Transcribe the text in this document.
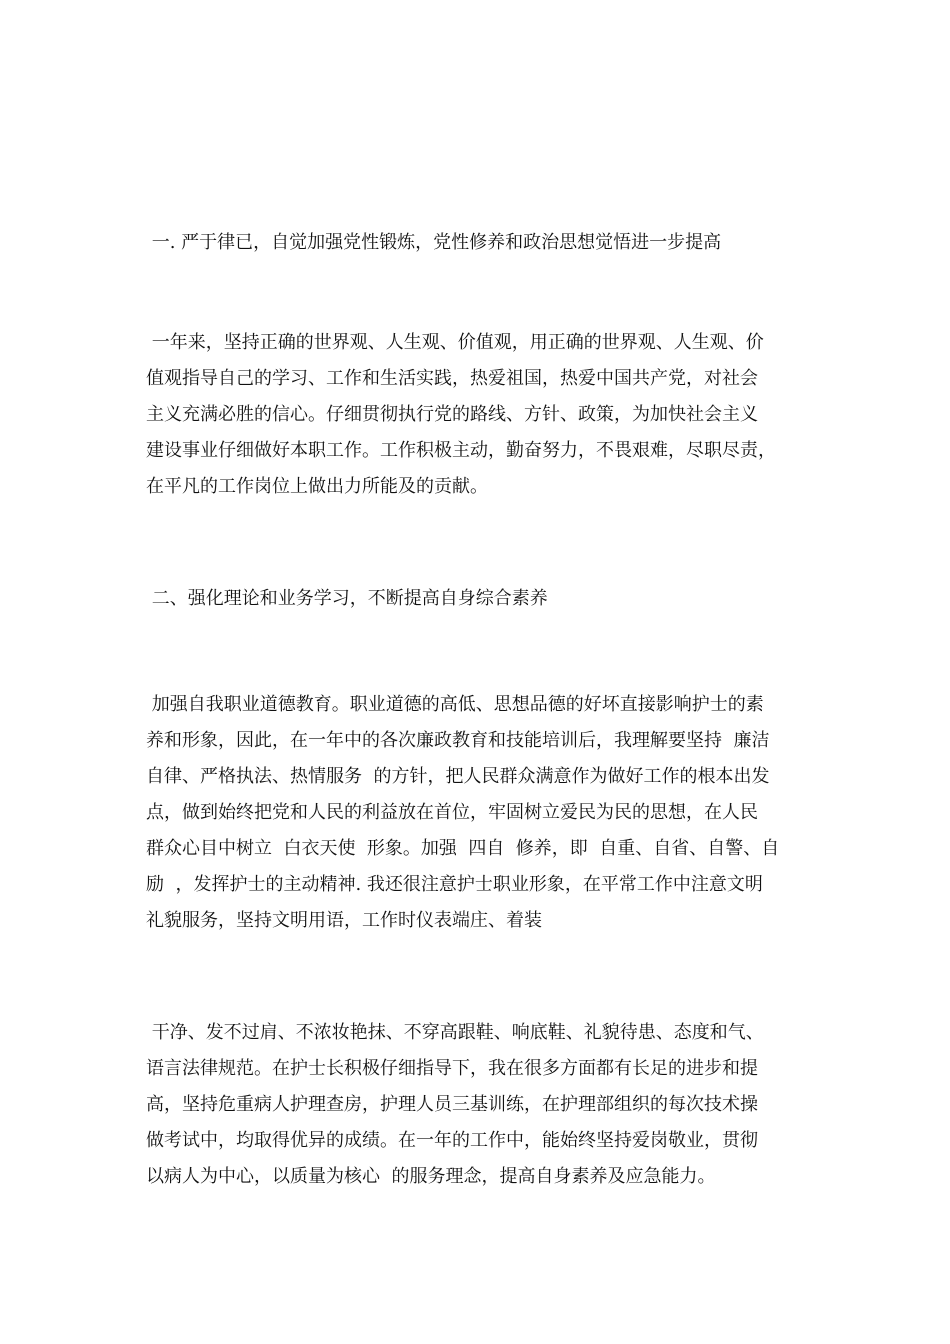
一. 严于律已，自觉加强党性锻炼，党性修养和政治思想觉悟进一步提高
一年来，坚持正确的世界观、人生观、价值观，用正确的世界观、人生观、价
值观指导自己的学习、工作和生活实践，热爱祖国，热爱中国共产党，对社会
主义充满必胜的信心。仔细贯彻执行党的路线、方针、政策，为加快社会主义
建设事业仔细做好本职工作。工作积极主动，勤奋努力，不畏艰难，尽职尽责，
在平凡的工作岗位上做出力所能及的贡献。
二、强化理论和业务学习，不断提高自身综合素养
加强自我职业道德教育。职业道德的高低、思想品德的好坏直接影响护士的素
养和形象，因此，在一年中的各次廉政教育和技能培训后，我理解要坚持  廉洁
自律、严格执法、热情服务  的方针，把人民群众满意作为做好工作的根本出发
点，做到始终把党和人民的利益放在首位，牢固树立爱民为民的思想，在人民
群众心目中树立  白衣天使  形象。加强  四自  修养，即  自重、自省、自警、自
励  ，发挥护士的主动精神. 我还很注意护士职业形象，在平常工作中注意文明
礼貌服务，坚持文明用语，工作时仪表端庄、着装
干净、发不过肩、不浓妆艳抹、不穿高跟鞋、响底鞋、礼貌待患、态度和气、
语言法律规范。在护士长积极仔细指导下，我在很多方面都有长足的进步和提
高，坚持危重病人护理查房，护理人员三基训练，在护理部组织的每次技术操
做考试中，均取得优异的成绩。在一年的工作中，能始终坚持爱岗敬业，贯彻
以病人为中心，以质量为核心  的服务理念，提高自身素养及应急能力。
